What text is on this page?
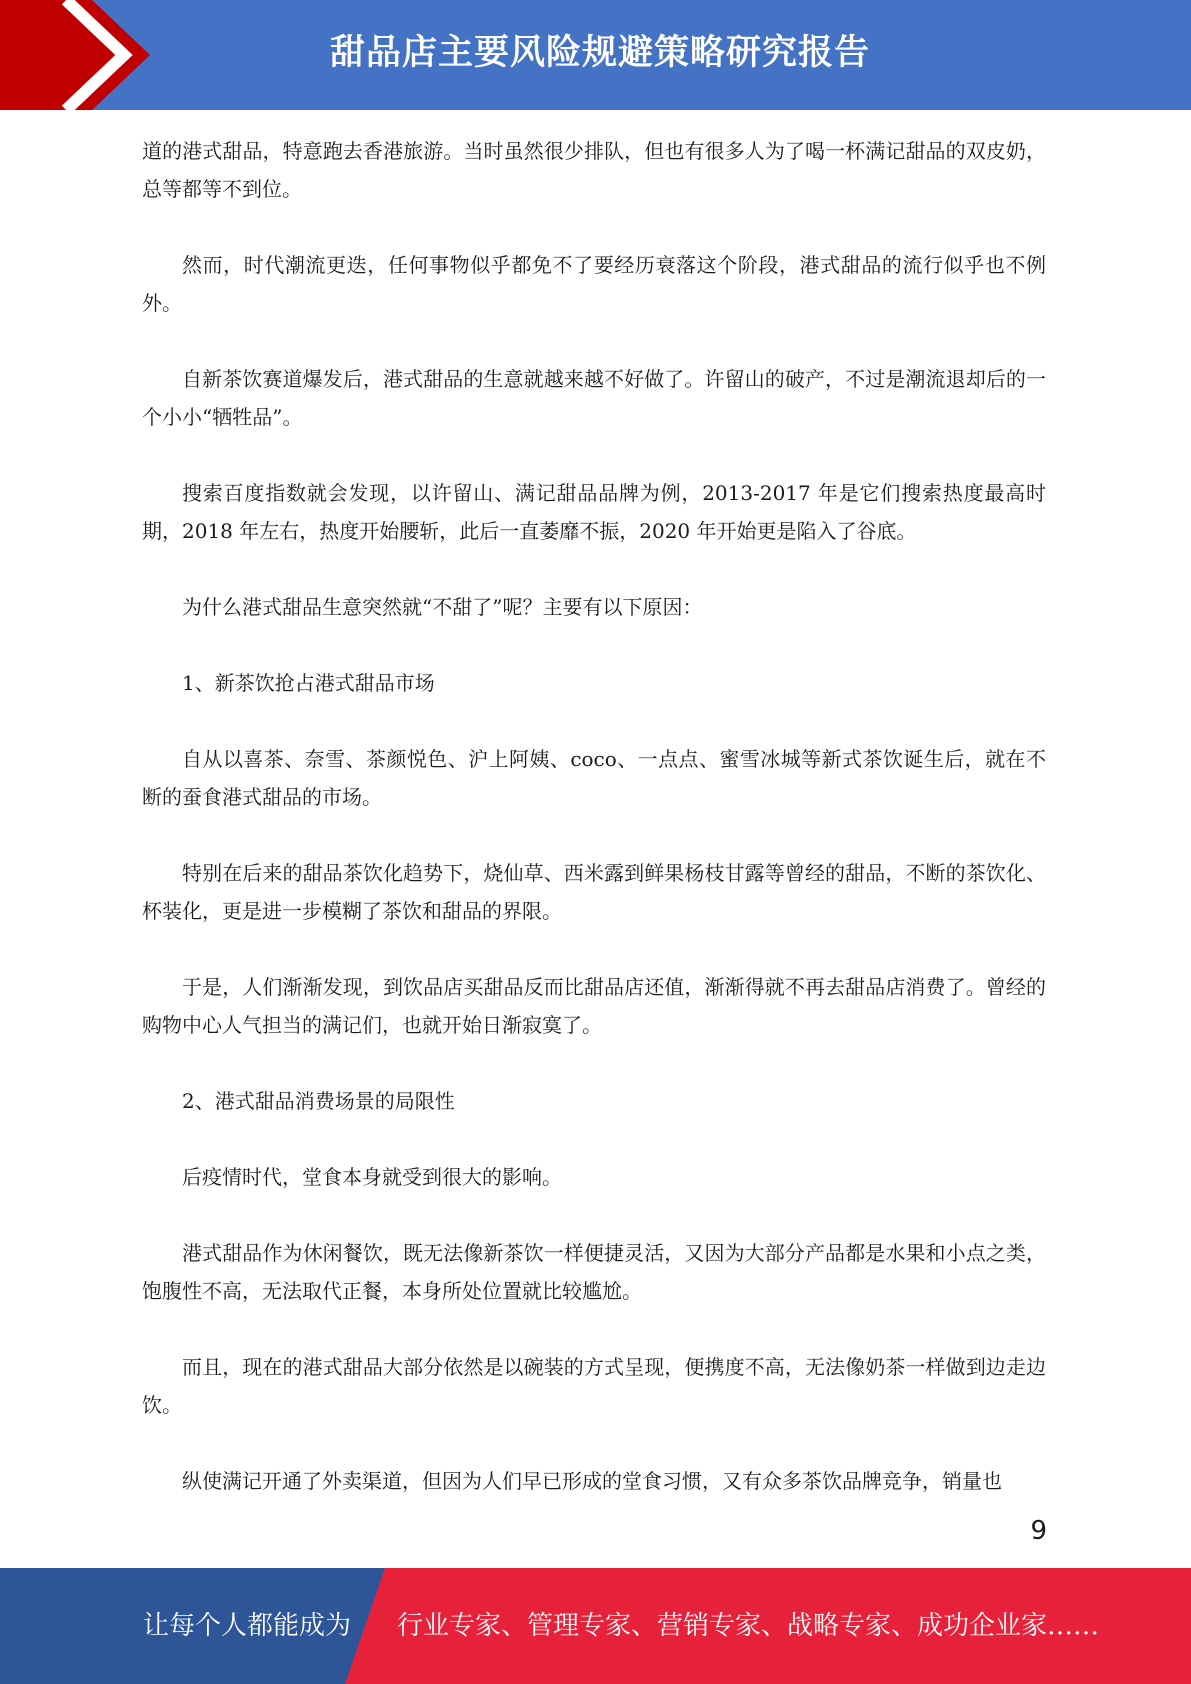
甜品店主要风险规避策略研究报告

道的港式甜品，特意跑去香港旅游。当时虽然很少排队，但也有很多人为了喝一杯满记甜品的双皮奶，总等都等不到位。

然而，时代潮流更迭，任何事物似乎都免不了要经历衰落这个阶段，港式甜品的流行似乎也不例外。

自新茶饮赛道爆发后，港式甜品的生意就越来越不好做了。许留山的破产，不过是潮流退却后的一个小小“牺牲品”。

搜索百度指数就会发现，以许留山、满记甜品品牌为例，2013-2017 年是它们搜索热度最高时期，2018 年左右，热度开始腰斩，此后一直萎靡不振，2020 年开始更是陷入了谷底。

为什么港式甜品生意突然就“不甜了”呢？主要有以下原因：

1、新茶饮抢占港式甜品市场

自从以喜茶、奈雪、茶颜悦色、沪上阿姨、coco、一点点、蜜雪冰城等新式茶饮诞生后，就在不断的蚕食港式甜品的市场。

特别在后来的甜品茶饮化趋势下，烧仙草、西米露到鲜果杨枝甘露等曾经的甜品，不断的茶饮化、杯装化，更是进一步模糊了茶饮和甜品的界限。

于是，人们渐渐发现，到饮品店买甜品反而比甜品店还值，渐渐得就不再去甜品店消费了。曾经的购物中心人气担当的满记们，也就开始日渐寂寞了。

2、港式甜品消费场景的局限性

后疫情时代，堂食本身就受到很大的影响。

港式甜品作为休闲餐饮，既无法像新茶饮一样便捷灵活，又因为大部分产品都是水果和小点之类，饱腹性不高，无法取代正餐，本身所处位置就比较尴尬。

而且，现在的港式甜品大部分依然是以碗装的方式呈现，便携度不高，无法像奶茶一样做到边走边饮。

纵使满记开通了外卖渠道，但因为人们早已形成的堂食习惯，又有众多茶饮品牌竞争，销量也

9
让每个人都能成为 行业专家、管理专家、营销专家、战略专家、成功企业家……
